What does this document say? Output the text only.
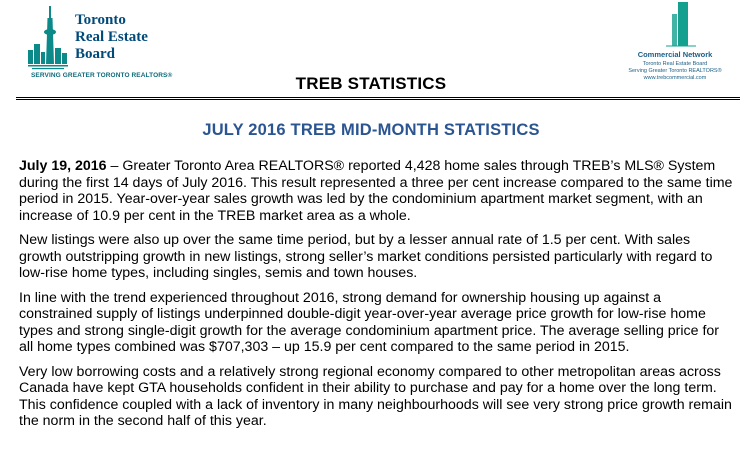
Toronto
Real Estate
Board
SERVING GREATER TORONTO REALTORS®
Commercial Network
Toronto Real Estate Board
Serving Greater Toronto REALTORS®
www.trebcommercial.com
TREB STATISTICS
JULY 2016 TREB MID-MONTH STATISTICS

July 19, 2016 – Greater Toronto Area REALTORS® reported 4,428 home sales through TREB’s MLS® System during the first 14 days of July 2016. This result represented a three per cent increase compared to the same time period in 2015. Year-over-year sales growth was led by the condominium apartment market segment, with an increase of 10.9 per cent in the TREB market area as a whole.

New listings were also up over the same time period, but by a lesser annual rate of 1.5 per cent. With sales growth outstripping growth in new listings, strong seller’s market conditions persisted particularly with regard to low-rise home types, including singles, semis and town houses.

In line with the trend experienced throughout 2016, strong demand for ownership housing up against a constrained supply of listings underpinned double-digit year-over-year average price growth for low-rise home types and strong single-digit growth for the average condominium apartment price. The average selling price for all home types combined was $707,303 – up 15.9 per cent compared to the same period in 2015.

Very low borrowing costs and a relatively strong regional economy compared to other metropolitan areas across Canada have kept GTA households confident in their ability to purchase and pay for a home over the long term. This confidence coupled with a lack of inventory in many neighbourhoods will see very strong price growth remain the norm in the second half of this year.
